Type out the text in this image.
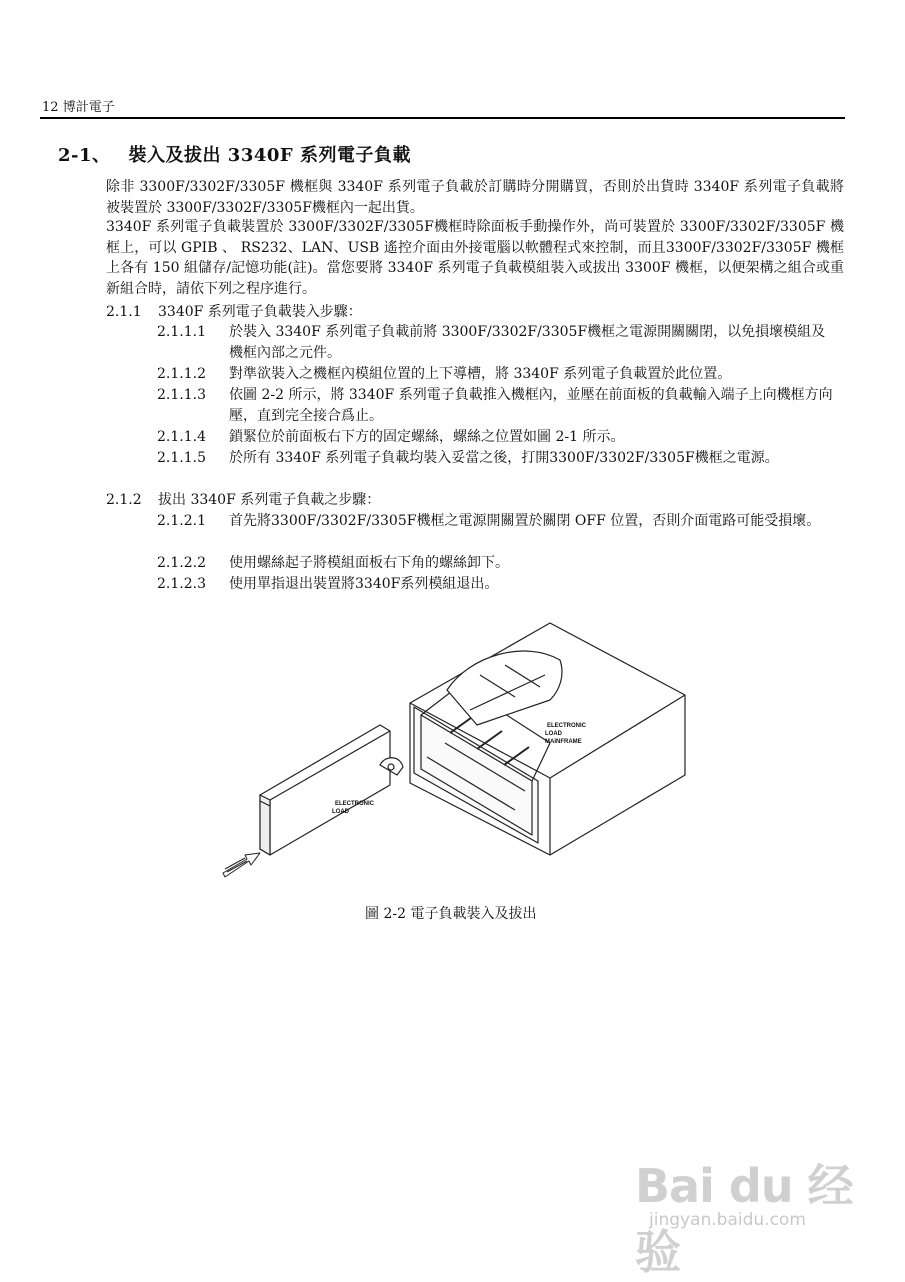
12 博計電子
2-1、 裝入及拔出 3340F 系列電子負載
除非 3300F/3302F/3305F 機框與 3340F 系列電子負載於訂購時分開購買，否則於出貨時 3340F 系列電子負載將被裝置於 3300F/3302F/3305F機框內一起出貨。
3340F 系列電子負載裝置於 3300F/3302F/3305F機框時除面板手動操作外，尚可裝置於 3300F/3302F/3305F 機框上，可以 GPIB 、 RS232、LAN、USB 遙控介面由外接電腦以軟體程式來控制，而且3300F/3302F/3305F 機框上各有 150 組儲存/記憶功能(註)。當您要將 3340F 系列電子負載模組裝入或拔出 3300F 機框，以便架構之組合或重新組合時，請依下列之程序進行。
2.1.1 3340F 系列電子負載裝入步驟：
2.1.1.1 於裝入 3340F 系列電子負載前將 3300F/3302F/3305F機框之電源開關關閉，以免損壞模組及機框內部之元件。
2.1.1.2 對準欲裝入之機框內模組位置的上下導槽，將 3340F 系列電子負載置於此位置。
2.1.1.3 依圖 2-2 所示，將 3340F 系列電子負載推入機框內，並壓在前面板的負載輸入端子上向機框方向壓，直到完全接合爲止。
2.1.1.4 鎖緊位於前面板右下方的固定螺絲，螺絲之位置如圖 2-1 所示。
2.1.1.5 於所有 3340F 系列電子負載均裝入妥當之後，打開3300F/3302F/3305F機框之電源。
2.1.2 拔出 3340F 系列電子負載之步驟：
2.1.2.1 首先將3300F/3302F/3305F機框之電源開關置於關閉 OFF 位置，否則介面電路可能受損壞。
2.1.2.2 使用螺絲起子將模組面板右下角的螺絲卸下。
2.1.2.3 使用單指退出裝置將3340F系列模組退出。
ELECTRONIC
LOAD
MAINFRAME
ELECTRONIC
LOAD
圖 2-2 電子負載裝入及拔出
Bai du 经验
jingyan.baidu.com
